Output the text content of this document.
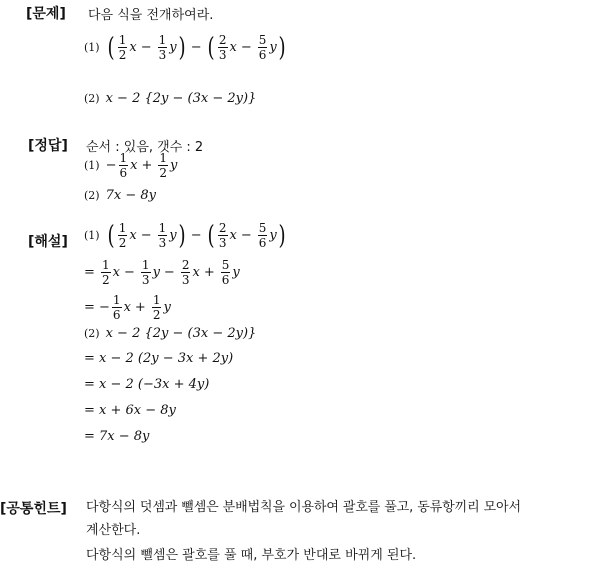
[문제] 다음 식을 전개하여라.
(1) ( $\frac{1}{2}$ $x - \frac{1}{3}$ y ) − ( $\frac{2}{3}$ $x - \frac{5}{6}$ y )
(2) x − 2 {2y − (3x − 2y)}
[정답] 순서 : 있음, 갯수 : 2
$(1) - \frac{1}{6}$ $x + \frac{1}{2}$ y
(2) 7x − 8y
[해설] (1) ( $\frac{1}{2}$ $x - \frac{1}{3}$ y ) − ( $\frac{2}{3}$ $x - \frac{5}{6}$ y )
= $\frac{1}{2}$ $x - \frac{1}{3}$ $y - \frac{2}{3}$ $x + \frac{5}{6}$ y
= − $\frac{1}{6}$ $x + \frac{1}{2}$ y
(2) x − 2 {2y − (3x − 2y)}
= x − 2 (2y − 3x + 2y)
= x − 2 (−3x + 4y)
= x + 6x − 8y
= 7x − 8y
[공통힌트] 다항식의 덧셈과 뺄셈은 분배법칙을 이용하여 괄호를 풀고, 동류항끼리 모아서
계산한다.
다항식의 뺄셈은 괄호를 풀 때, 부호가 반대로 바뀌게 된다.
